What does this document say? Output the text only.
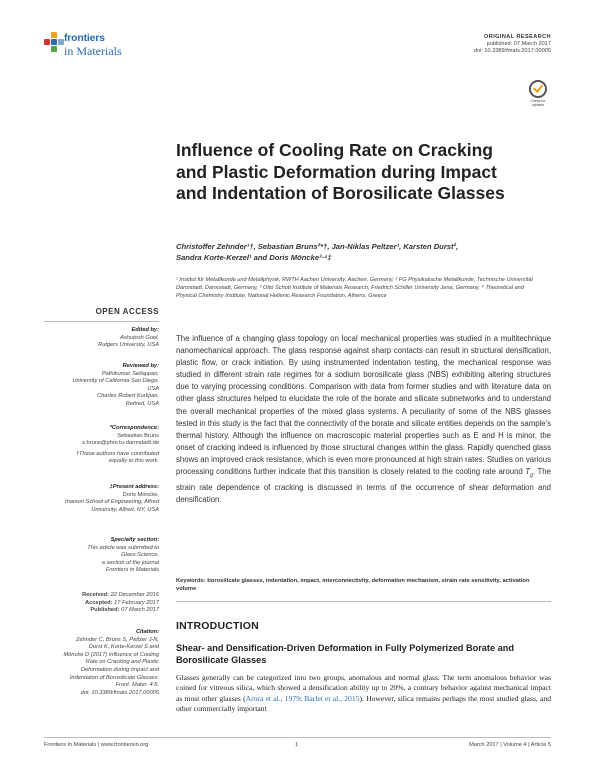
frontiers
in Materials
ORIGINAL RESEARCH
published: 07 March 2017
doi: 10.3389/fmats.2017.00005
Check for
updates
Influence of Cooling Rate on Cracking and Plastic Deformation during Impact and Indentation of Borosilicate Glasses
Christoffer Zehnder¹†, Sebastian Bruns²*†, Jan-Niklas Peltzer¹, Karsten Durst²,
Sandra Korte-Kerzel¹ and Doris Möncke³·⁴‡
¹ Institut für Metallkunde und Metallphysik, RWTH Aachen University, Aachen, Germany, ² FG Physikalische Metallkunde, Technische Universität Darmstadt, Darmstadt, Germany, ³ Otto Schott Institute of Materials Research, Friedrich Schiller University Jena, Germany, ⁴ Theoretical and Physical Chemistry Institute, National Hellenic Research Foundation, Athens, Greece
OPEN ACCESS
Edited by:
Ashutosh Goel,
Rutgers University, USA
Reviewed by:
Pathikumar Sellappan,
University of California San Diego,
USA
Charles Robert Kurkjian,
Retired, USA
*Correspondence:
Sebastian Bruns
s.bruns@phm.tu-darmstadt.de
†These authors have contributed
equally to this work.
‡Present address:
Doris Möncke,
Inamori School of Engineering, Alfred
University, Alfred, NY, USA
Specialty section:
This article was submitted to
Glass Science,
a section of the journal
Frontiers in Materials
Received: 22 December 2016
Accepted: 17 February 2017
Published: 07 March 2017
Citation:
Zehnder C, Bruns S, Peltzer J-N,
Durst K, Korte-Kerzel S and
Möncke D (2017) Influence of Cooling
Rate on Cracking and Plastic
Deformation during Impact and
Indentation of Borosilicate Glasses.
Front. Mater. 4:5.
doi: 10.3389/fmats.2017.00005
The influence of a changing glass topology on local mechanical properties was studied in a multitechnique nanomechanical approach. The glass response against sharp contacts can result in structural densification, plastic flow, or crack initiation. By using instrumented indentation testing, the mechanical response was studied in different strain rate regimes for a sodium borosilicate glass (NBS) exhibiting altering structures due to varying processing conditions. Comparison with data from former studies and with literature data on other glass structures helped to elucidate the role of the borate and silicate subnetworks and to understand the overall mechanical properties of the mixed glass systems. A peculiarity of some of the NBS glasses tested in this study is the fact that the connectivity of the borate and silicate entities depends on the sample's thermal history. Although the influence on macroscopic material properties such as E and H is minor, the onset of cracking indeed is influenced by those structural changes within the glass. Rapidly quenched glass shows an improved crack resistance, which is even more pronounced at high strain rates. Studies on various processing conditions further indicate that this transition is closely related to the cooling rate around $T_g$. The strain rate dependence of cracking is discussed in terms of the occurrence of shear deformation and densification.
Keywords: borosilicate glasses, indentation, impact, interconnectivity, deformation mechanism, strain rate sensitivity, activation volume
INTRODUCTION
Shear- and Densification-Driven Deformation in Fully Polymerized Borate and Borosilicate Glasses
Glasses generally can be categorized into two groups, anomalous and normal glass. The term anomalous behavior was coined for vitreous silica, which showed a densification ability up to 20%, a contrary behavior against mechanical impact as most other glasses (Arora et al., 1979; Barlet et al., 2015). However, silica remains perhaps the most studied glass, and other commercially important
Frontiers in Materials | www.frontiersin.org	1	March 2017 | Volume 4 | Article 5
